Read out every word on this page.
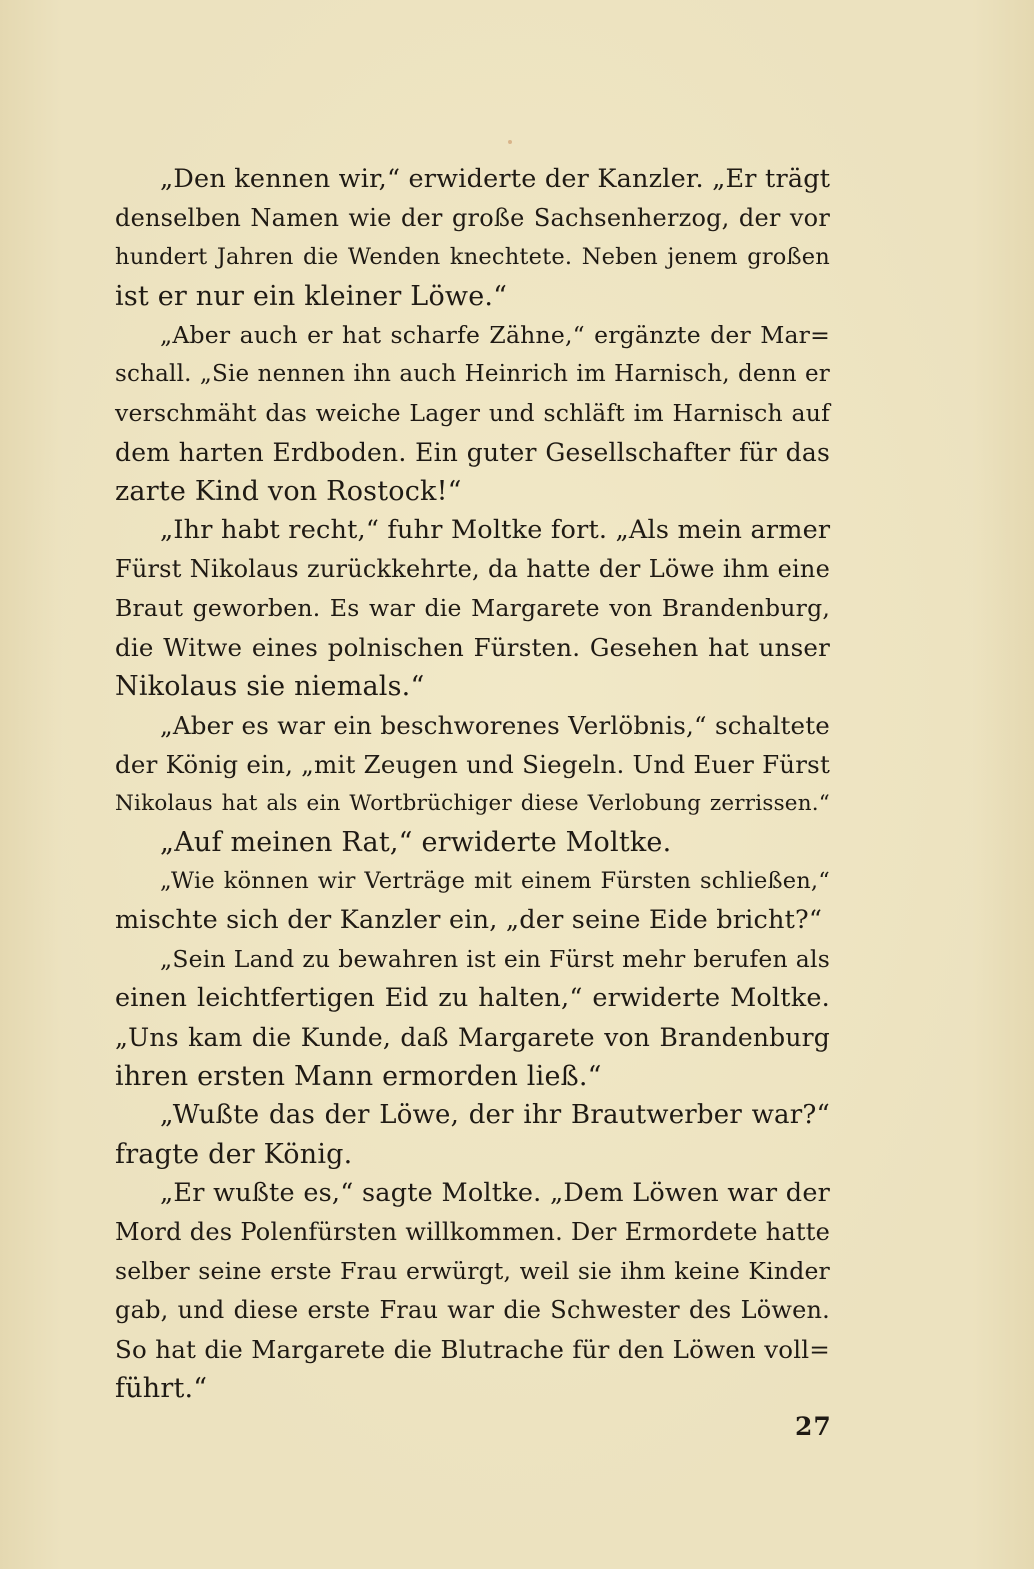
„Den kennen wir,“ erwiderte der Kanzler. „Er trägt
denselben Namen wie der große Sachsenherzog, der vor
hundert Jahren die Wenden knechtete. Neben jenem großen
ist er nur ein kleiner Löwe.“
„Aber auch er hat scharfe Zähne,“ ergänzte der Mar=
schall. „Sie nennen ihn auch Heinrich im Harnisch, denn er
verschmäht das weiche Lager und schläft im Harnisch auf
dem harten Erdboden. Ein guter Gesellschafter für das
zarte Kind von Rostock!“
„Ihr habt recht,“ fuhr Moltke fort. „Als mein armer
Fürst Nikolaus zurückkehrte, da hatte der Löwe ihm eine
Braut geworben. Es war die Margarete von Brandenburg,
die Witwe eines polnischen Fürsten. Gesehen hat unser
Nikolaus sie niemals.“
„Aber es war ein beschworenes Verlöbnis,“ schaltete
der König ein, „mit Zeugen und Siegeln. Und Euer Fürst
Nikolaus hat als ein Wortbrüchiger diese Verlobung zerrissen.“
„Auf meinen Rat,“ erwiderte Moltke.
„Wie können wir Verträge mit einem Fürsten schließen,“
mischte sich der Kanzler ein, „der seine Eide bricht?“
„Sein Land zu bewahren ist ein Fürst mehr berufen als
einen leichtfertigen Eid zu halten,“ erwiderte Moltke.
„Uns kam die Kunde, daß Margarete von Brandenburg
ihren ersten Mann ermorden ließ.“
„Wußte das der Löwe, der ihr Brautwerber war?“
fragte der König.
„Er wußte es,“ sagte Moltke. „Dem Löwen war der
Mord des Polenfürsten willkommen. Der Ermordete hatte
selber seine erste Frau erwürgt, weil sie ihm keine Kinder
gab, und diese erste Frau war die Schwester des Löwen.
So hat die Margarete die Blutrache für den Löwen voll=
führt.“
27
